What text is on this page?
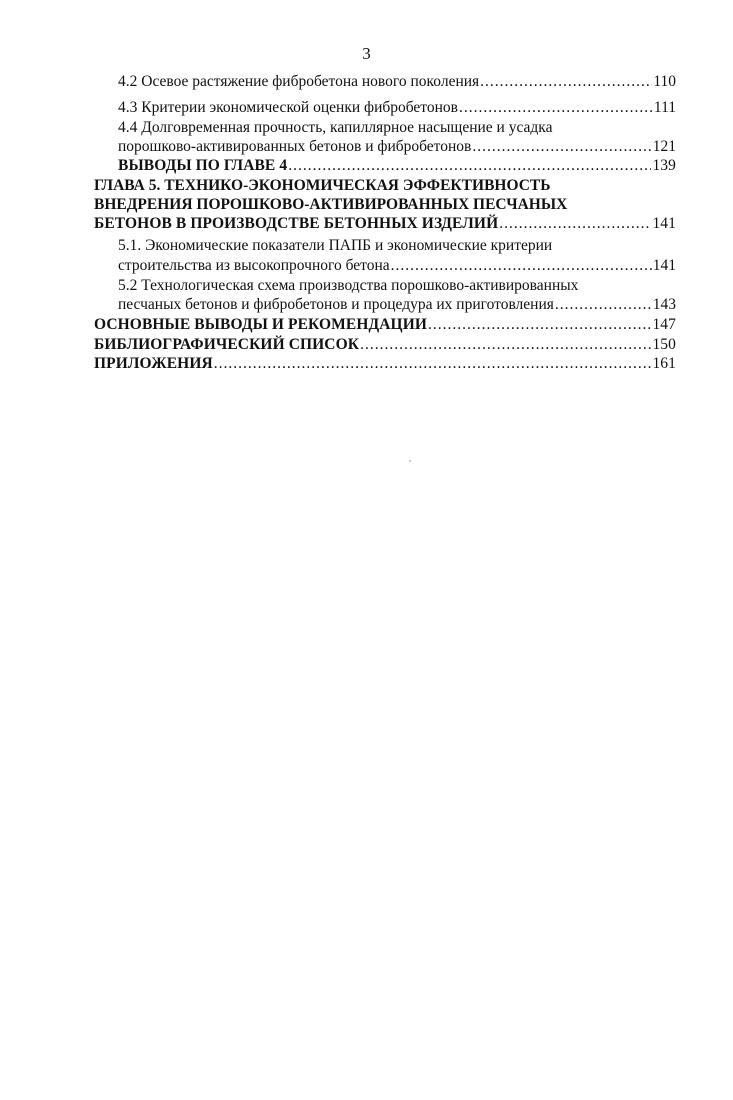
3
4.2 Осевое растяжение фибробетона нового поколения .....	110
4.3 Критерии экономической оценки фибробетонов .....	111
4.4 Долговременная прочность, капиллярное насыщение и усадка
порошково-активированных бетонов и фибробетонов .....	121
ВЫВОДЫ ПО ГЛАВЕ 4 .....	139
ГЛАВА 5. ТЕХНИКО-ЭКОНОМИЧЕСКАЯ ЭФФЕКТИВНОСТЬ
ВНЕДРЕНИЯ ПОРОШКОВО-АКТИВИРОВАННЫХ ПЕСЧАНЫХ
БЕТОНОВ В ПРОИЗВОДСТВЕ БЕТОННЫХ ИЗДЕЛИЙ .....	141
5.1. Экономические показатели ПАПБ и экономические критерии
строительства из высокопрочного бетона .....	141
5.2 Технологическая схема производства порошково-активированных
песчаных бетонов и фибробетонов и процедура их приготовления .....	143
ОСНОВНЫЕ ВЫВОДЫ И РЕКОМЕНДАЦИИ .....	147
БИБЛИОГРАФИЧЕСКИЙ СПИСОК .....	150
ПРИЛОЖЕНИЯ .....	161
